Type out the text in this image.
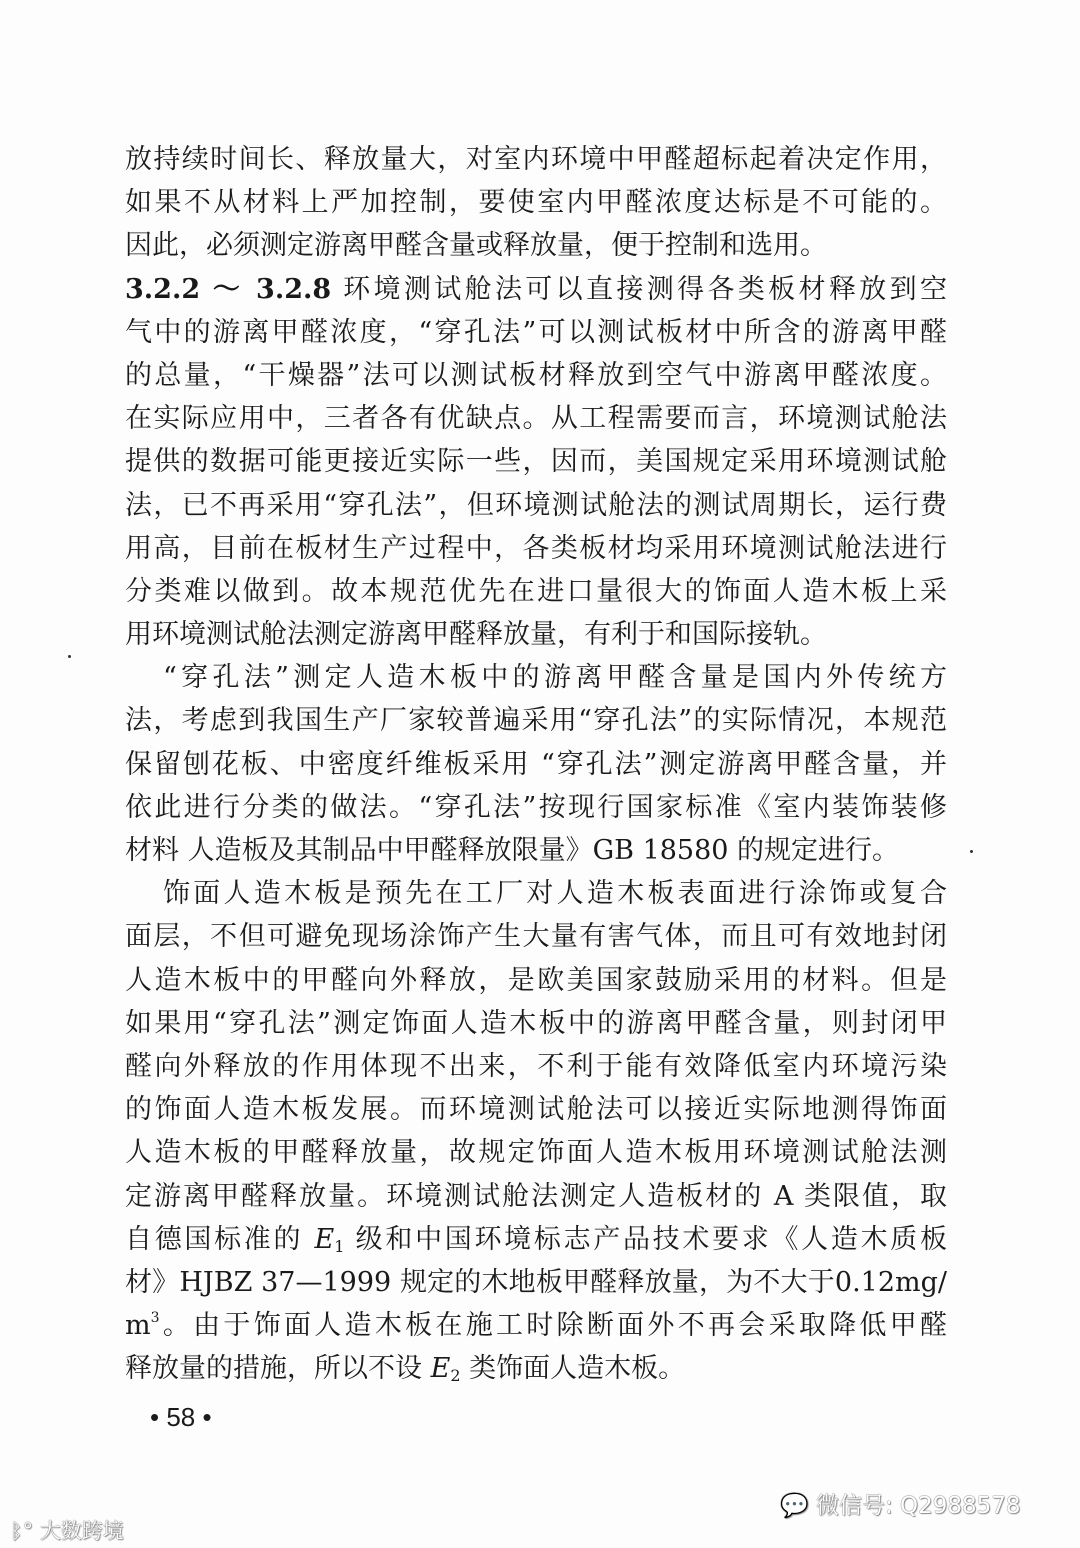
放持续时间长、释放量大，对室内环境中甲醛超标起着决定作用，
如果不从材料上严加控制，要使室内甲醛浓度达标是不可能的。
因此，必须测定游离甲醛含量或释放量，便于控制和选用。
3.2.2 ～ 3.2.8 环境测试舱法可以直接测得各类板材释放到空
气中的游离甲醛浓度，“穿孔法”可以测试板材中所含的游离甲醛
的总量，“干燥器”法可以测试板材释放到空气中游离甲醛浓度。
在实际应用中，三者各有优缺点。从工程需要而言，环境测试舱法
提供的数据可能更接近实际一些，因而，美国规定采用环境测试舱
法，已不再采用“穿孔法”，但环境测试舱法的测试周期长，运行费
用高，目前在板材生产过程中，各类板材均采用环境测试舱法进行
分类难以做到。故本规范优先在进口量很大的饰面人造木板上采
用环境测试舱法测定游离甲醛释放量，有利于和国际接轨。
“穿孔法”测定人造木板中的游离甲醛含量是国内外传统方
法，考虑到我国生产厂家较普遍采用“穿孔法”的实际情况，本规范
保留刨花板、中密度纤维板采用 “穿孔法”测定游离甲醛含量，并
依此进行分类的做法。“穿孔法”按现行国家标准《室内装饰装修
材料 人造板及其制品中甲醛释放限量》GB 18580 的规定进行。
饰面人造木板是预先在工厂对人造木板表面进行涂饰或复合
面层，不但可避免现场涂饰产生大量有害气体，而且可有效地封闭
人造木板中的甲醛向外释放，是欧美国家鼓励采用的材料。但是
如果用“穿孔法”测定饰面人造木板中的游离甲醛含量，则封闭甲
醛向外释放的作用体现不出来，不利于能有效降低室内环境污染
的饰面人造木板发展。而环境测试舱法可以接近实际地测得饰面
人造木板的甲醛释放量，故规定饰面人造木板用环境测试舱法测
定游离甲醛释放量。环境测试舱法测定人造板材的 A 类限值，取
自德国标准的 $E_1$ 级和中国环境标志产品技术要求《人造木质板
材》HJBZ 37—1999 规定的木地板甲醛释放量，为不大于0.12mg/
$m^3$。由于饰面人造木板在施工时除断面外不再会采取降低甲醛
释放量的措施，所以不设 $E_2$ 类饰面人造木板。
• 58 •
💬 微信号: Q2988578
ᛒ° 大数跨境
